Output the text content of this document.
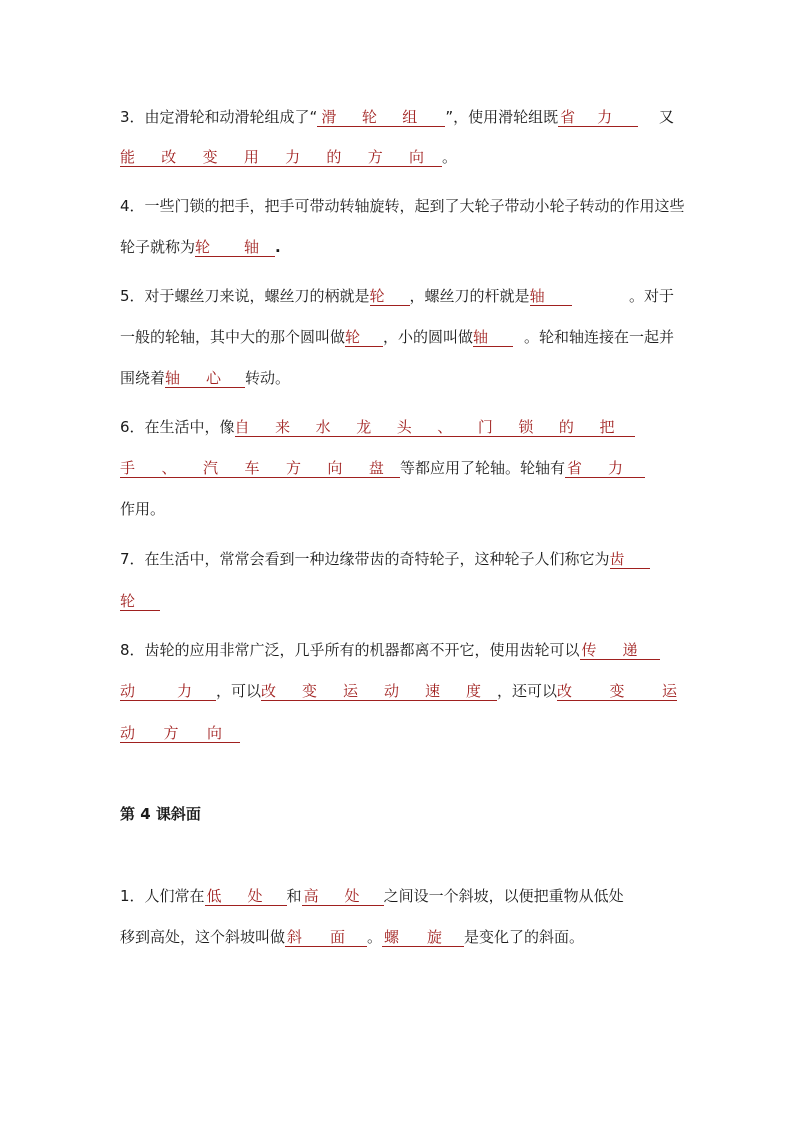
3．由定滑轮和动滑轮组成了“ 滑 轮 组 ”，使用滑轮组既 省 力	又
能 改 变 用 力 的 方 向 。
4．一些门锁的把手，把手可带动转轴旋转，起到了大轮子带动小轮子转动的作用这些
轮子就称为 轮 轴 .
5．对于螺丝刀来说，螺丝刀的柄就是轮 ，螺丝刀的杆就是轴	。对于
一般的轮轴，其中大的那个圆叫做轮 ，小的圆叫做轴 。轮和轴连接在一起并
围绕着 轴 心 转动。
6．在生活中，像 自 来 水 龙 头 、 门 锁 的 把
手 、 汽 车 方 向 盘 等都应用了轮轴。轮轴有 省 力
作用。
7．在生活中，常常会看到一种边缘带齿的奇特轮子，这种轮子人们称它为齿
轮
8．齿轮的应用非常广泛，几乎所有的机器都离不开它，使用齿轮可以 传 递
动	力 ，可以 改 变 运 动 速 度 ，还可以 改 变 运
动 方 向
第 4 课斜面
1．人们常在 低 处 和 高 处 之间设一个斜坡，以便把重物从低处
移到高处，这个斜坡叫做 斜 面 。 螺 旋 是变化了的斜面。
